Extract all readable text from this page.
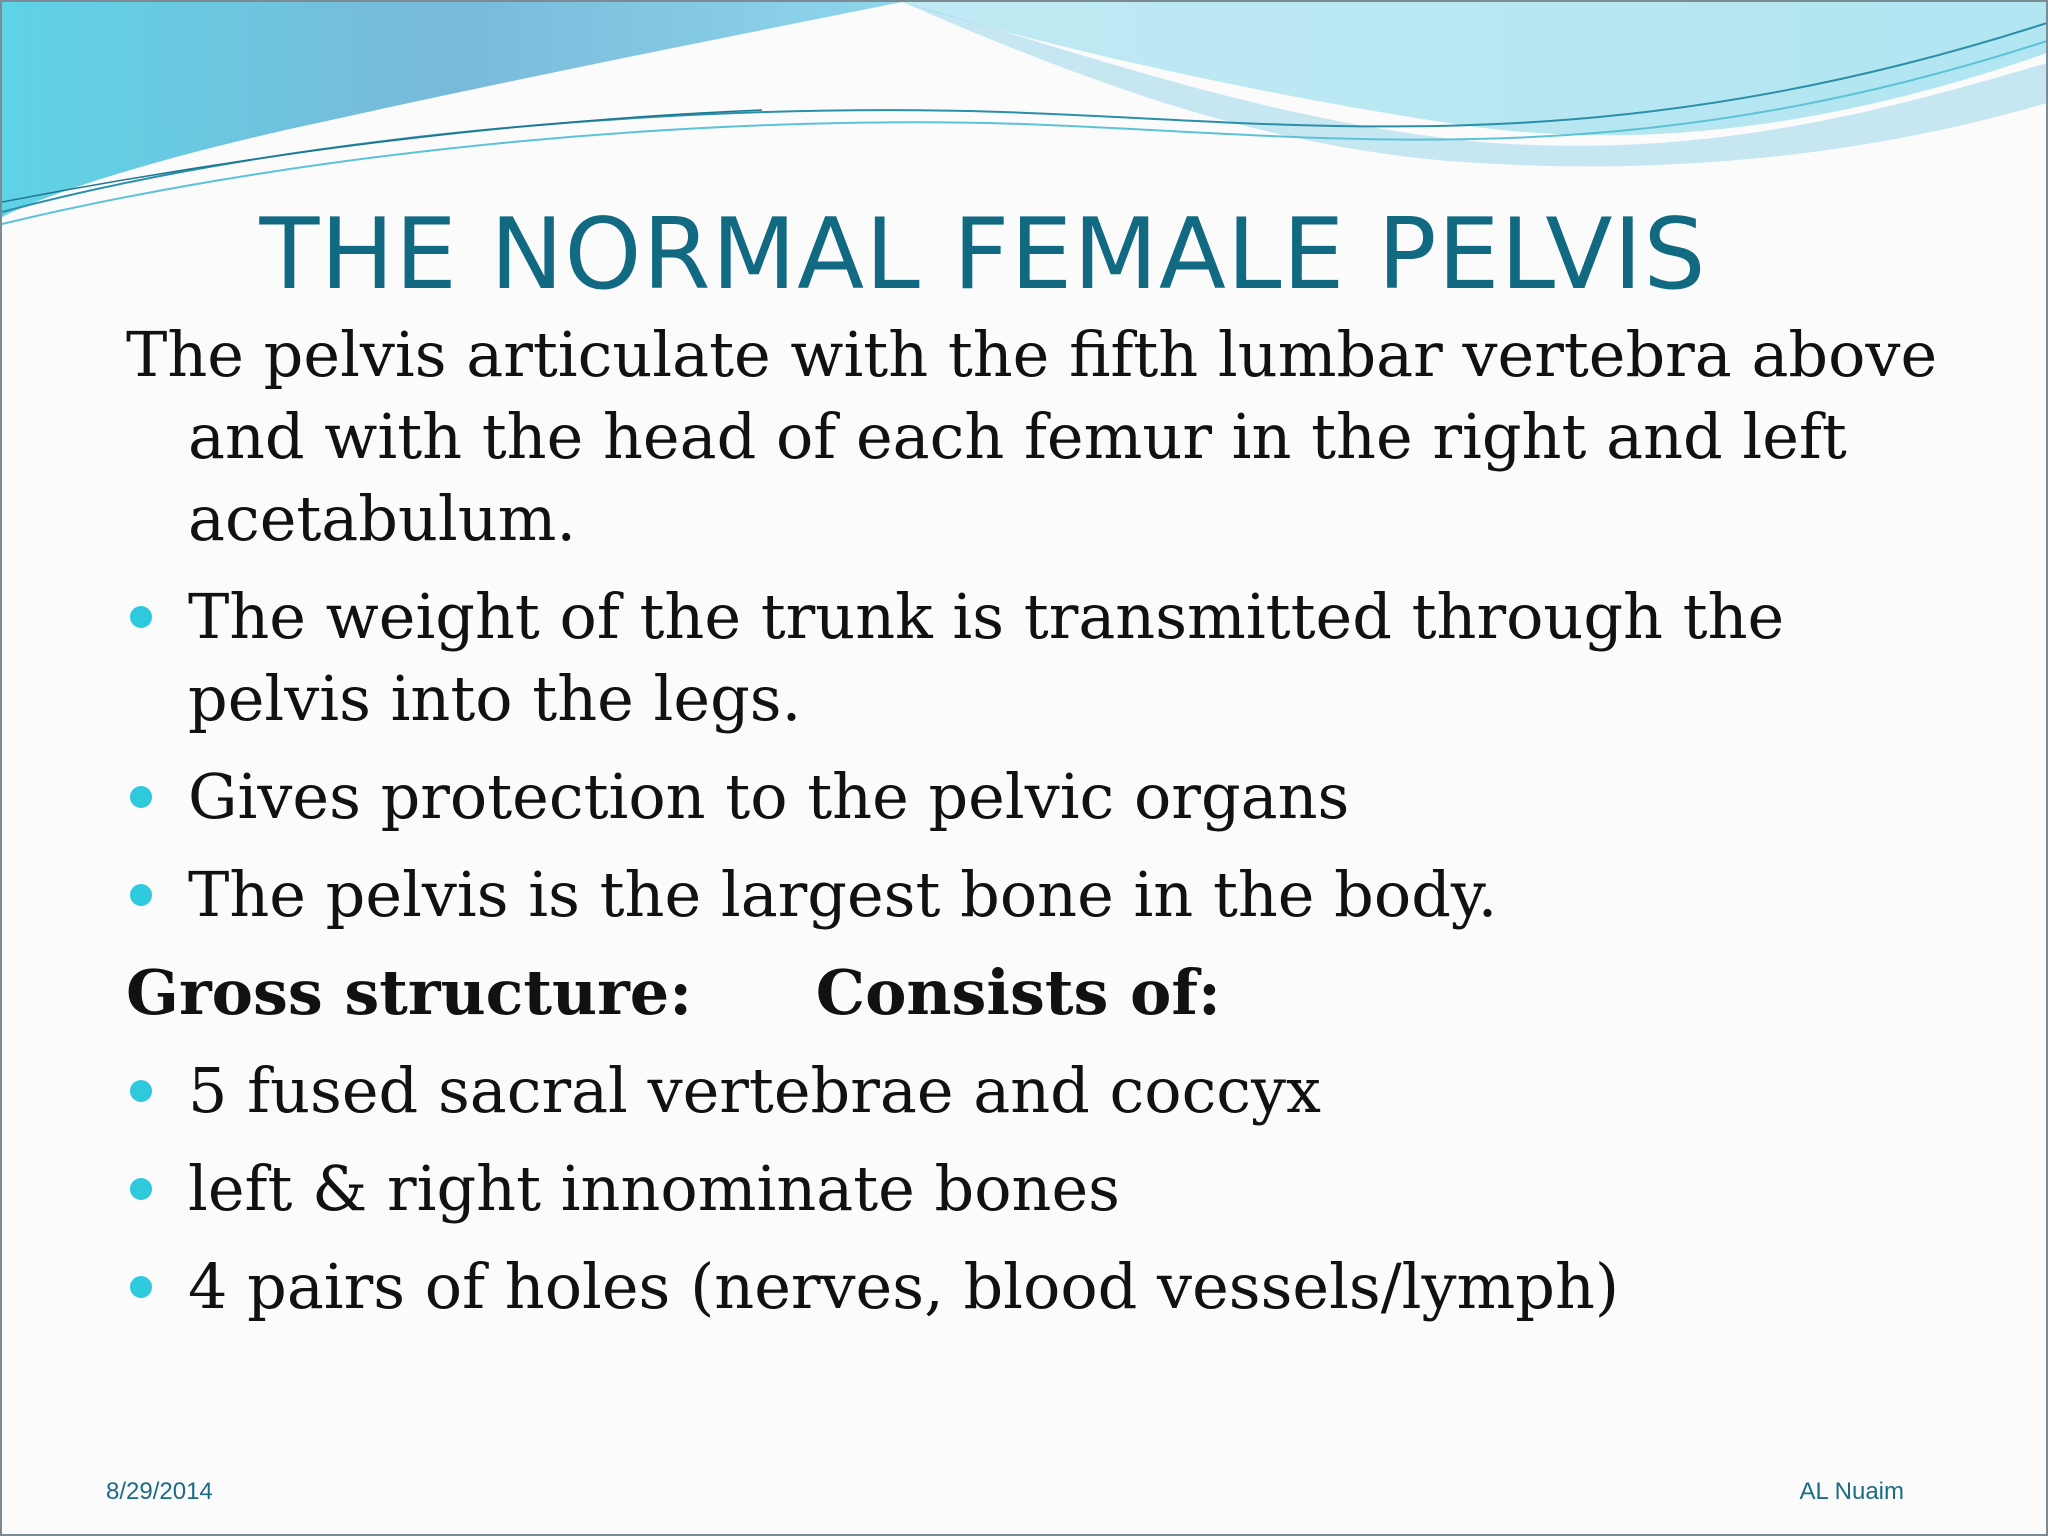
THE NORMAL FEMALE PELVIS

The pelvis articulate with the fifth lumbar vertebra above and with the head of each femur in the right and left acetabulum.

The weight of the trunk is transmitted through the pelvis into the legs.
Gives protection to the pelvic organs
The pelvis is the largest bone in the body.
Gross structure: Consists of:
5 fused sacral vertebrae and coccyx
left & right innominate bones
4 pairs of holes (nerves, blood vessels/lymph)
8/29/2014	AL Nuaim
